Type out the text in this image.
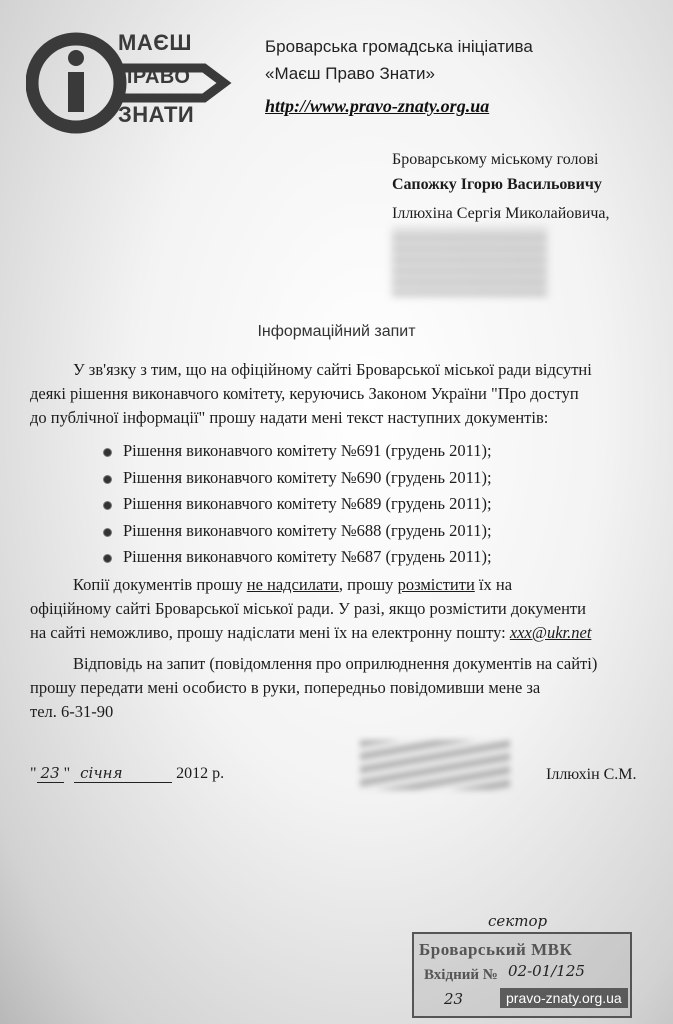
МАЄШ
ПРАВО
ЗНАТИ
Броварська громадська ініціатива
«Маєш Право Знати»
http://www.pravo-znaty.org.ua
Броварському міському голові
Сапожку Ігорю Васильовичу
Іллюхіна Сергія Миколайовича,
Інформаційний запит
У зв'язку з тим, що на офіційному сайті Броварської міської ради відсутні
деякі рішення виконавчого комітету, керуючись Законом України "Про доступ
до публічної інформації" прошу надати мені текст наступних документів:
Рішення виконавчого комітету №691 (грудень 2011);
Рішення виконавчого комітету №690 (грудень 2011);
Рішення виконавчого комітету №689 (грудень 2011);
Рішення виконавчого комітету №688 (грудень 2011);
Рішення виконавчого комітету №687 (грудень 2011);
Копії документів прошу не надсилати, прошу розмістити їх на
офіційному сайті Броварської міської ради. У разі, якщо розмістити документи
на сайті неможливо, прошу надіслати мені їх на електронну пошту: xxx@ukr.net
Відповідь на запит (повідомлення про оприлюднення документів на сайті)
прошу передати мені особисто в руки, попередньо повідомивши мене за
тел. 6-31-90
" 23 " січня	2012 р.	Іллюхін С.М.
сектор
Броварський МВК
Вхідний № 02-01/125
23	pravo-znaty.org.ua
